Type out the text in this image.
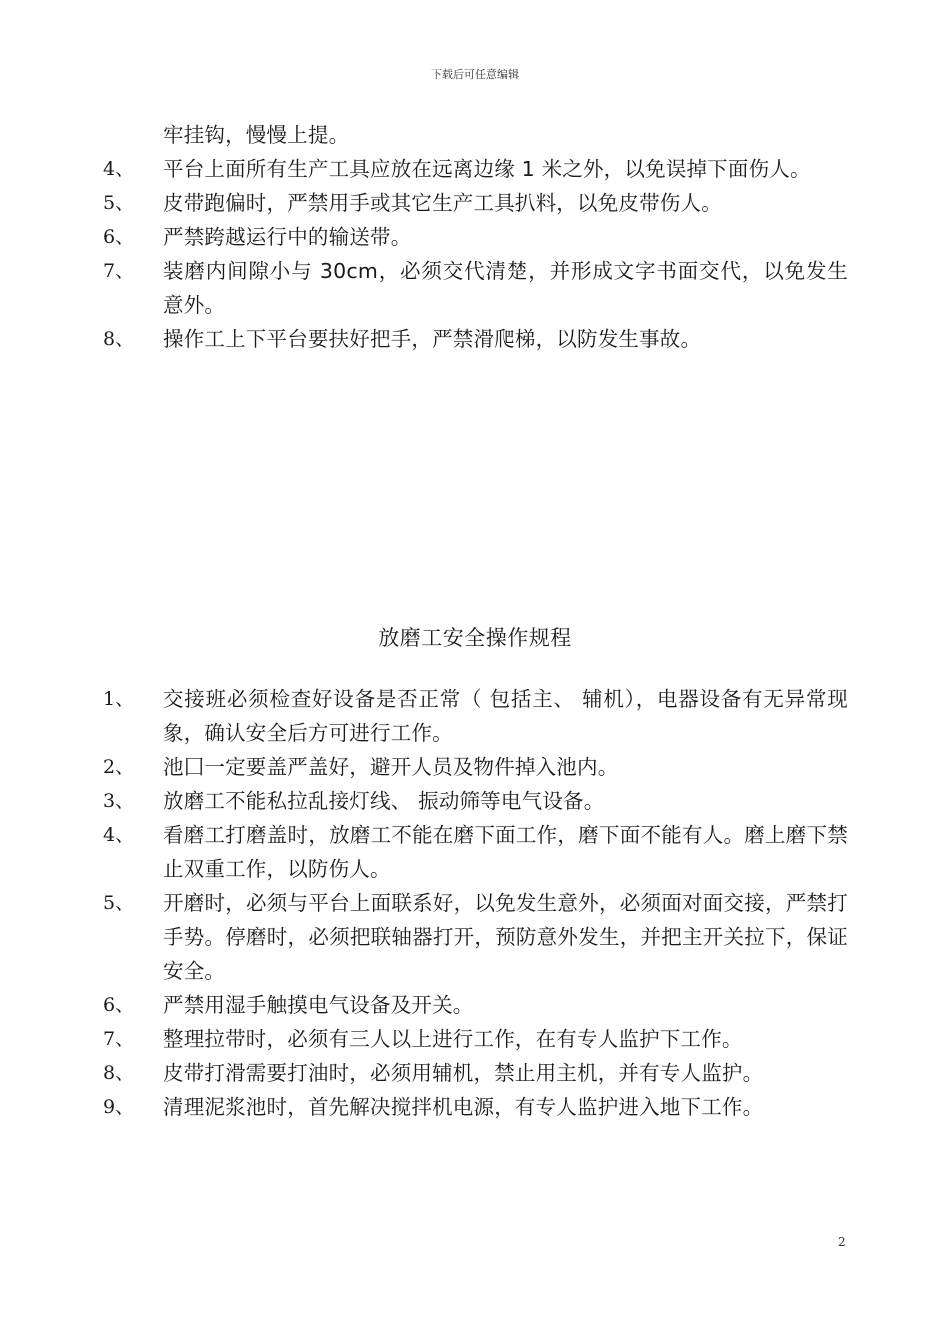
下载后可任意编辑
牢挂钩，慢慢上提。
4、	平台上面所有生产工具应放在远离边缘 1 米之外，以免误掉下面伤人。
5、	皮带跑偏时，严禁用手或其它生产工具扒料，以免皮带伤人。
6、	严禁跨越运行中的输送带。
7、	装磨内间隙小与 30cm，必须交代清楚，并形成文字书面交代，以免发生意外。
8、	操作工上下平台要扶好把手，严禁滑爬梯，以防发生事故。
放磨工安全操作规程
1、	交接班必须检查好设备是否正常（ 包括主、 辅机），电器设备有无异常现象，确认安全后方可进行工作。
2、	池囗一定要盖严盖好，避开人员及物件掉入池内。
3、	放磨工不能私拉乱接灯线、 振动筛等电气设备。
4、	看磨工打磨盖时，放磨工不能在磨下面工作，磨下面不能有人。磨上磨下禁止双重工作，以防伤人。
5、	开磨时，必须与平台上面联系好，以免发生意外，必须面对面交接，严禁打手势。停磨时，必须把联轴器打开，预防意外发生，并把主开关拉下，保证安全。
6、	严禁用湿手触摸电气设备及开关。
7、	整理拉带时，必须有三人以上进行工作，在有专人监护下工作。
8、	皮带打滑需要打油时，必须用辅机，禁止用主机，并有专人监护。
9、	清理泥浆池时，首先解决搅拌机电源，有专人监护进入地下工作。
2
